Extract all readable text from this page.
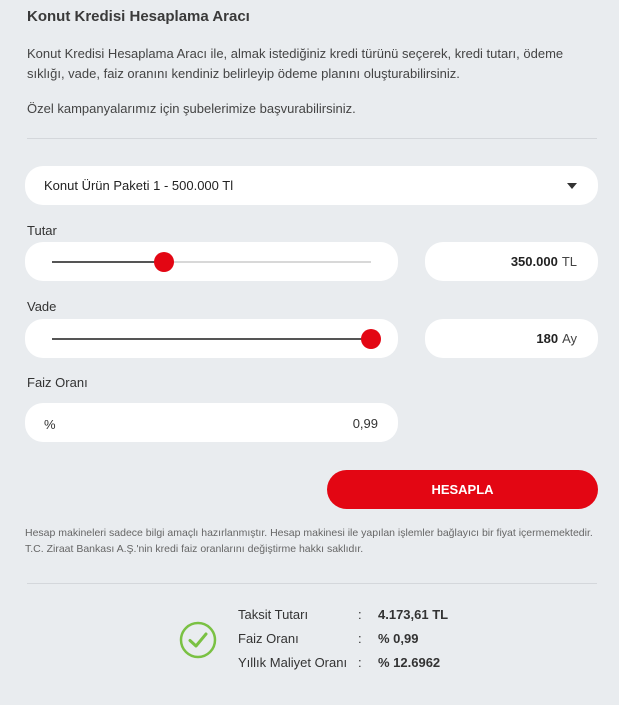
Konut Kredisi Hesaplama Aracı
Konut Kredisi Hesaplama Aracı ile, almak istediğiniz kredi türünü seçerek, kredi tutarı, ödeme sıklığı, vade, faiz oranını kendiniz belirleyip ödeme planını oluşturabilirsiniz.
Özel kampanyalarımız için şubelerimize başvurabilirsiniz.
Konut Ürün Paketi 1 - 500.000 Tl
Tutar
350.000 TL
Vade
180 Ay
Faiz Oranı
%	0,99
HESAPLA
Hesap makineleri sadece bilgi amaçlı hazırlanmıştır. Hesap makinesi ile yapılan işlemler bağlayıcı bir fiyat içermemektedir. T.C. Ziraat Bankası A.Ş.'nin kredi faiz oranlarını değiştirme hakkı saklıdır.
Taksit Tutarı	: 4.173,61 TL
Faiz Oranı	: % 0,99
Yıllık Maliyet Oranı : % 12.6962
